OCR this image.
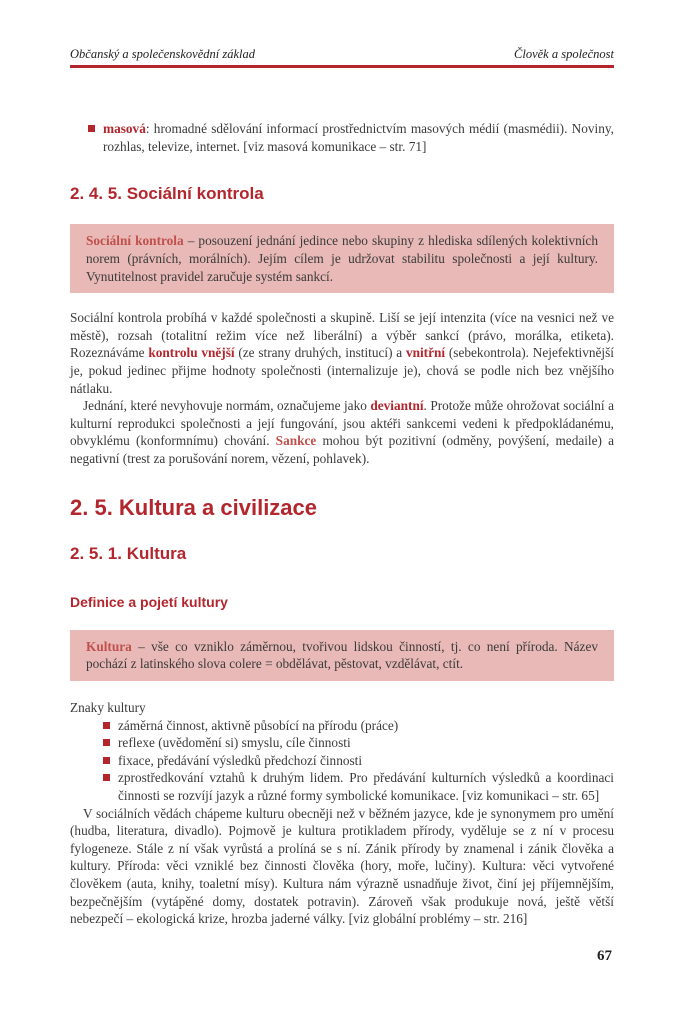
Občanský a společenskovědní základ	Člověk a společnost
masová: hromadné sdělování informací prostřednictvím masových médií (masmédii). Noviny, rozhlas, televize, internet. [viz masová komunikace – str. 71]
2. 4. 5. Sociální kontrola
Sociální kontrola – posouzení jednání jedince nebo skupiny z hlediska sdílených kolektivních norem (právních, morálních). Jejím cílem je udržovat stabilitu společnosti a její kultury. Vynutitelnost pravidel zaručuje systém sankcí.
Sociální kontrola probíhá v každé společnosti a skupině. Liší se její intenzita (více na vesnici než ve městě), rozsah (totalitní režim více než liberální) a výběr sankcí (právo, morálka, etiketa). Rozeznáváme kontrolu vnější (ze strany druhých, institucí) a vnitřní (sebekontrola). Nejefektivnější je, pokud jedinec přijme hodnoty společnosti (internalizuje je), chová se podle nich bez vnějšího nátlaku.
Jednání, které nevyhovuje normám, označujeme jako deviantní. Protože může ohrožovat sociální a kulturní reprodukci společnosti a její fungování, jsou aktéři sankcemi vedeni k předpokládanému, obvyklému (konformnímu) chování. Sankce mohou být pozitivní (odměny, povýšení, medaile) a negativní (trest za porušování norem, vězení, pohlavek).
2. 5. Kultura a civilizace
2. 5. 1. Kultura
Definice a pojetí kultury
Kultura – vše co vzniklo záměrnou, tvořivou lidskou činností, tj. co není příroda. Název pochází z latinského slova colere = obdělávat, pěstovat, vzdělávat, ctít.
Znaky kultury
záměrná činnost, aktivně působící na přírodu (práce)
reflexe (uvědomění si) smyslu, cíle činnosti
fixace, předávání výsledků předchozí činnosti
zprostředkování vztahů k druhým lidem. Pro předávání kulturních výsledků a koordinaci činnosti se rozvíjí jazyk a různé formy symbolické komunikace. [viz komunikaci – str. 65]
V sociálních vědách chápeme kulturu obecněji než v běžném jazyce, kde je synonymem pro umění (hudba, literatura, divadlo). Pojmově je kultura protikladem přírody, vyděluje se z ní v procesu fylogeneze. Stále z ní však vyrůstá a prolíná se s ní. Zánik přírody by znamenal i zánik člověka a kultury. Příroda: věci vzniklé bez činnosti člověka (hory, moře, lučiny). Kultura: věci vytvořené člověkem (auta, knihy, toaletní mísy). Kultura nám výrazně usnadňuje život, činí jej příjemnějším, bezpečnějším (vytápěné domy, dostatek potravin). Zároveň však produkuje nová, ještě větší nebezpečí – ekologická krize, hrozba jaderné války. [viz globální problémy – str. 216]
67
